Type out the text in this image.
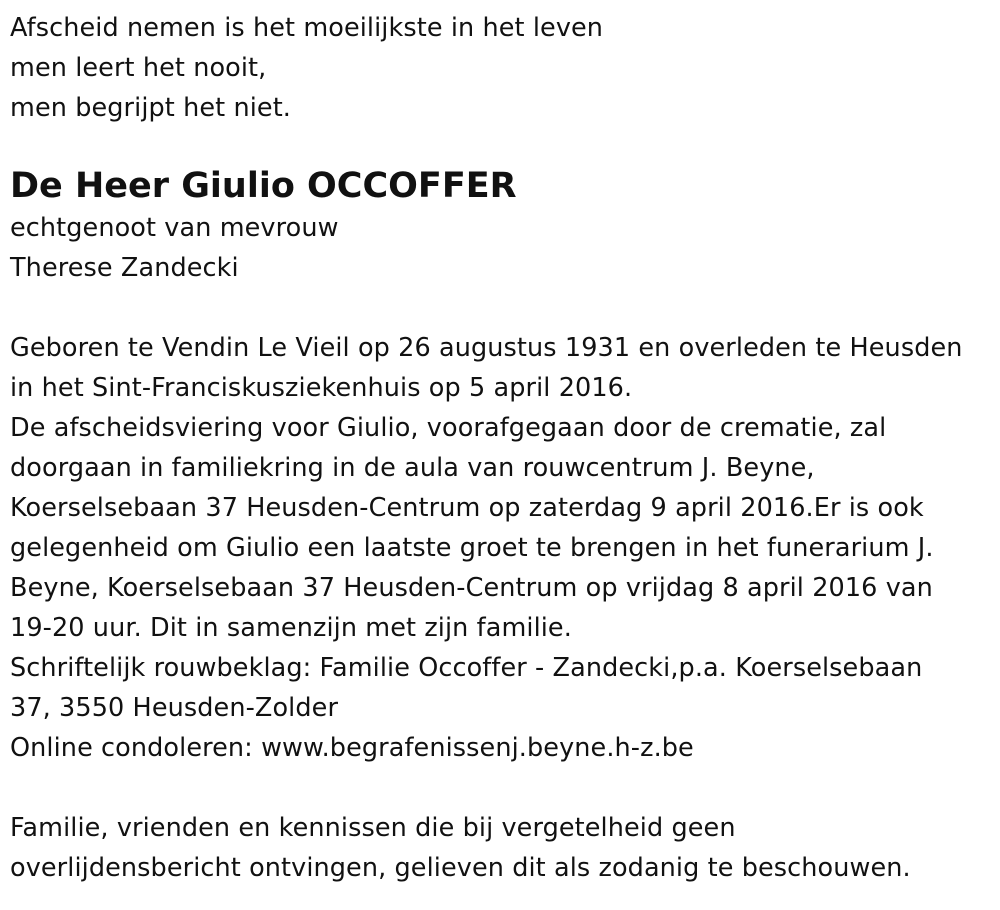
Afscheid nemen is het moeilijkste in het leven
men leert het nooit,
men begrijpt het niet.
De Heer Giulio OCCOFFER
echtgenoot van mevrouw
Therese Zandecki
Geboren te Vendin Le Vieil op 26 augustus 1931 en overleden te Heusden
in het Sint-Franciskusziekenhuis op 5 april 2016.
De afscheidsviering voor Giulio, voorafgegaan door de crematie, zal
doorgaan in familiekring in de aula van rouwcentrum J. Beyne,
Koerselsebaan 37 Heusden-Centrum op zaterdag 9 april 2016.Er is ook
gelegenheid om Giulio een laatste groet te brengen in het funerarium J.
Beyne, Koerselsebaan 37 Heusden-Centrum op vrijdag 8 april 2016 van
19-20 uur. Dit in samenzijn met zijn familie.
Schriftelijk rouwbeklag: Familie Occoffer - Zandecki,p.a. Koerselsebaan
37, 3550 Heusden-Zolder
Online condoleren: www.begrafenissenj.beyne.h-z.be
Familie, vrienden en kennissen die bij vergetelheid geen
overlijdensbericht ontvingen, gelieven dit als zodanig te beschouwen.
